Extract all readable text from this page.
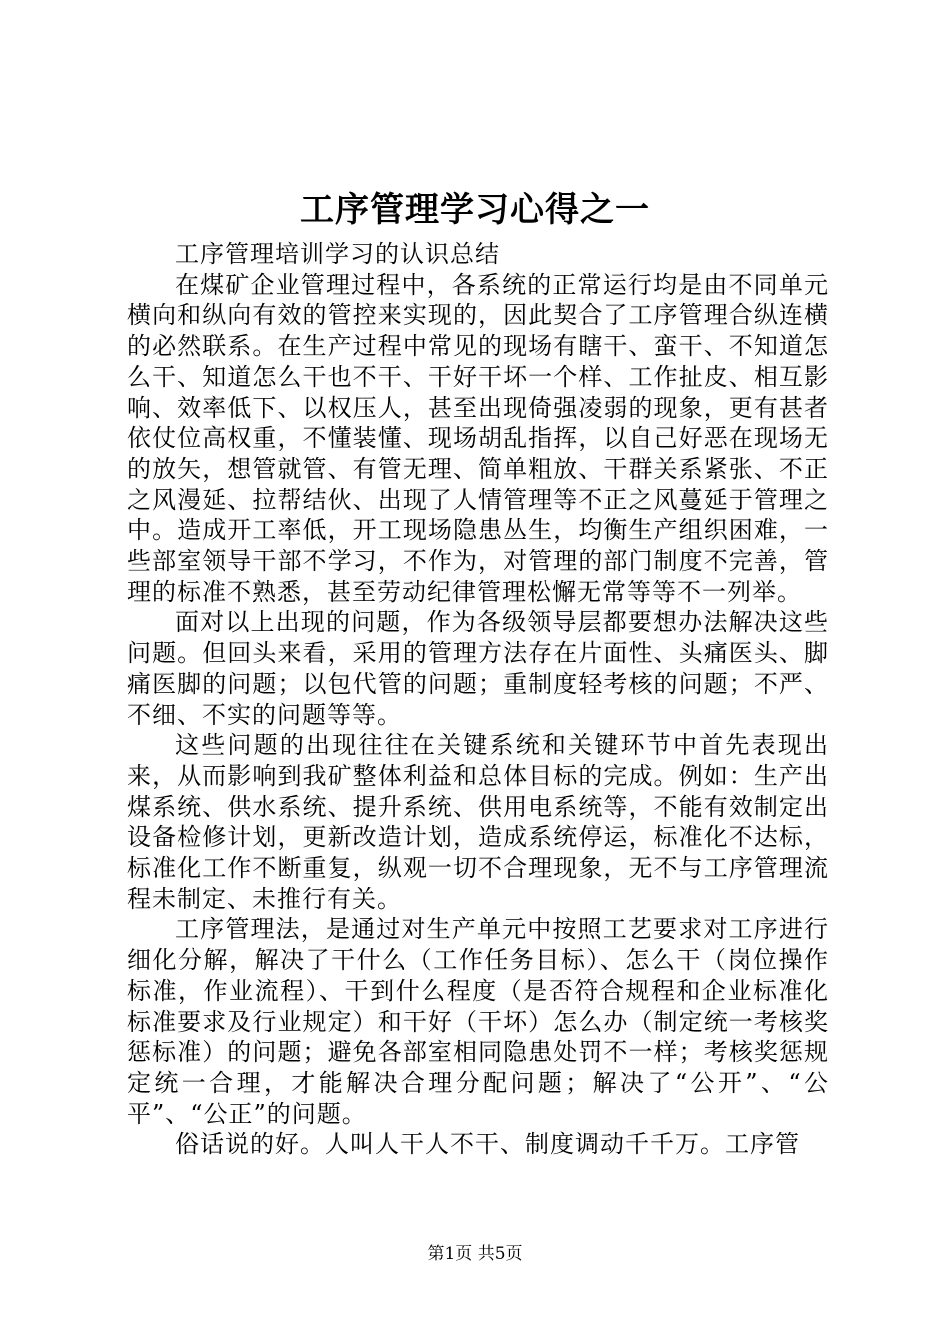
工序管理学习心得之一

工序管理培训学习的认识总结

在煤矿企业管理过程中，各系统的正常运行均是由不同单元横向和纵向有效的管控来实现的，因此契合了工序管理合纵连横的必然联系。在生产过程中常见的现场有瞎干、蛮干、不知道怎么干、知道怎么干也不干、干好干坏一个样、工作扯皮、相互影响、效率低下、以权压人，甚至出现倚强凌弱的现象，更有甚者依仗位高权重，不懂装懂、现场胡乱指挥，以自己好恶在现场无的放矢，想管就管、有管无理、简单粗放、干群关系紧张、不正之风漫延、拉帮结伙、出现了人情管理等不正之风蔓延于管理之中。造成开工率低，开工现场隐患丛生，均衡生产组织困难，一些部室领导干部不学习，不作为，对管理的部门制度不完善，管理的标准不熟悉，甚至劳动纪律管理松懈无常等等不一列举。

面对以上出现的问题，作为各级领导层都要想办法解决这些问题。但回头来看，采用的管理方法存在片面性、头痛医头、脚痛医脚的问题；以包代管的问题；重制度轻考核的问题；不严、不细、不实的问题等等。

这些问题的出现往往在关键系统和关键环节中首先表现出来，从而影响到我矿整体利益和总体目标的完成。例如：生产出煤系统、供水系统、提升系统、供用电系统等，不能有效制定出设备检修计划，更新改造计划，造成系统停运，标准化不达标，标准化工作不断重复，纵观一切不合理现象，无不与工序管理流程未制定、未推行有关。

工序管理法，是通过对生产单元中按照工艺要求对工序进行细化分解，解决了干什么（工作任务目标）、怎么干（岗位操作标准，作业流程）、干到什么程度（是否符合规程和企业标准化标准要求及行业规定）和干好（干坏）怎么办（制定统一考核奖惩标准）的问题；避免各部室相同隐患处罚不一样；考核奖惩规定统一合理，才能解决合理分配问题；解决了“公开”、“公平”、“公正”的问题。

俗话说的好。人叫人干人不干、制度调动千千万。工序管

第1页 共5页
